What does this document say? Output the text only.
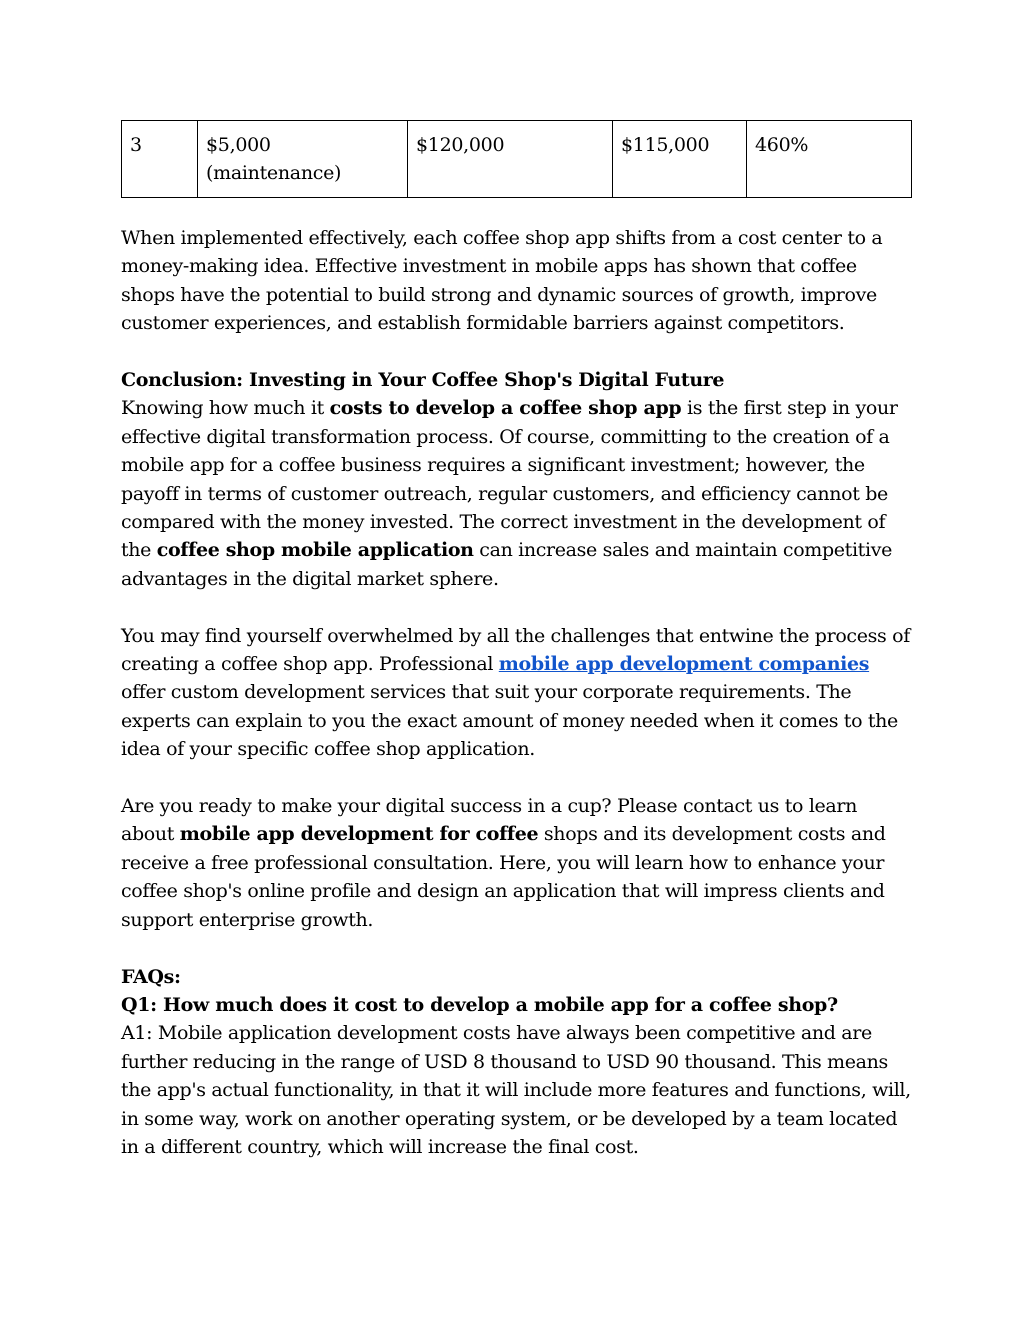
3	$5,000 (maintenance)	$120,000	$115,000	460%

When implemented effectively, each coffee shop app shifts from a cost center to a money-making idea. Effective investment in mobile apps has shown that coffee shops have the potential to build strong and dynamic sources of growth, improve customer experiences, and establish formidable barriers against competitors.

Conclusion: Investing in Your Coffee Shop's Digital Future
Knowing how much it costs to develop a coffee shop app is the first step in your effective digital transformation process. Of course, committing to the creation of a mobile app for a coffee business requires a significant investment; however, the payoff in terms of customer outreach, regular customers, and efficiency cannot be compared with the money invested. The correct investment in the development of the coffee shop mobile application can increase sales and maintain competitive advantages in the digital market sphere.

You may find yourself overwhelmed by all the challenges that entwine the process of creating a coffee shop app. Professional mobile app development companies offer custom development services that suit your corporate requirements. The experts can explain to you the exact amount of money needed when it comes to the idea of your specific coffee shop application.

Are you ready to make your digital success in a cup? Please contact us to learn about mobile app development for coffee shops and its development costs and receive a free professional consultation. Here, you will learn how to enhance your coffee shop's online profile and design an application that will impress clients and support enterprise growth.

FAQs:
Q1: How much does it cost to develop a mobile app for a coffee shop?
A1: Mobile application development costs have always been competitive and are further reducing in the range of USD 8 thousand to USD 90 thousand. This means the app's actual functionality, in that it will include more features and functions, will, in some way, work on another operating system, or be developed by a team located in a different country, which will increase the final cost.
